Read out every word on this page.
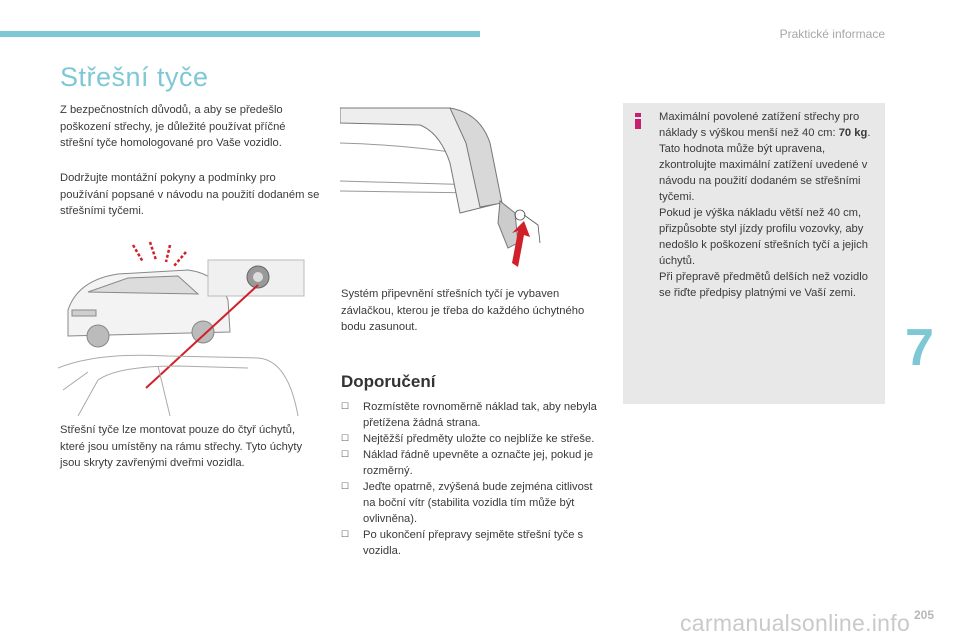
Praktické informace
Střešní tyče
Z bezpečnostních důvodů, a aby se předešlo poškození střechy, je důležité používat příčné střešní tyče homologované pro Vaše vozidlo.
Dodržujte montážní pokyny a podmínky pro používání popsané v návodu na použití dodaném se střešními tyčemi.
Střešní tyče lze montovat pouze do čtyř úchytů, které jsou umístěny na rámu střechy. Tyto úchyty jsou skryty zavřenými dveřmi vozidla.
Systém připevnění střešních tyčí je vybaven závlačkou, kterou je třeba do každého úchytného bodu zasunout.
Doporučení
☐ Rozmístěte rovnoměrně náklad tak, aby nebyla přetížena žádná strana.
☐ Nejtěžší předměty uložte co nejblíže ke střeše.
☐ Náklad řádně upevněte a označte jej, pokud je rozměrný.
☐ Jeďte opatrně, zvýšená bude zejména citlivost na boční vítr (stabilita vozidla tím může být ovlivněna).
☐ Po ukončení přepravy sejměte střešní tyče s vozidla.
Maximální povolené zatížení střechy pro náklady s výškou menší než 40 cm: 70 kg.
Tato hodnota může být upravena, zkontrolujte maximální zatížení uvedené v návodu na použití dodaném se střešními tyčemi.
Pokud je výška nákladu větší než 40 cm, přizpůsobte styl jízdy profilu vozovky, aby nedošlo k poškození střešních tyčí a jejich úchytů.
Při přepravě předmětů delších než vozidlo se řiďte předpisy platnými ve Vaší zemi.
7
carmanualsonline.info 205
